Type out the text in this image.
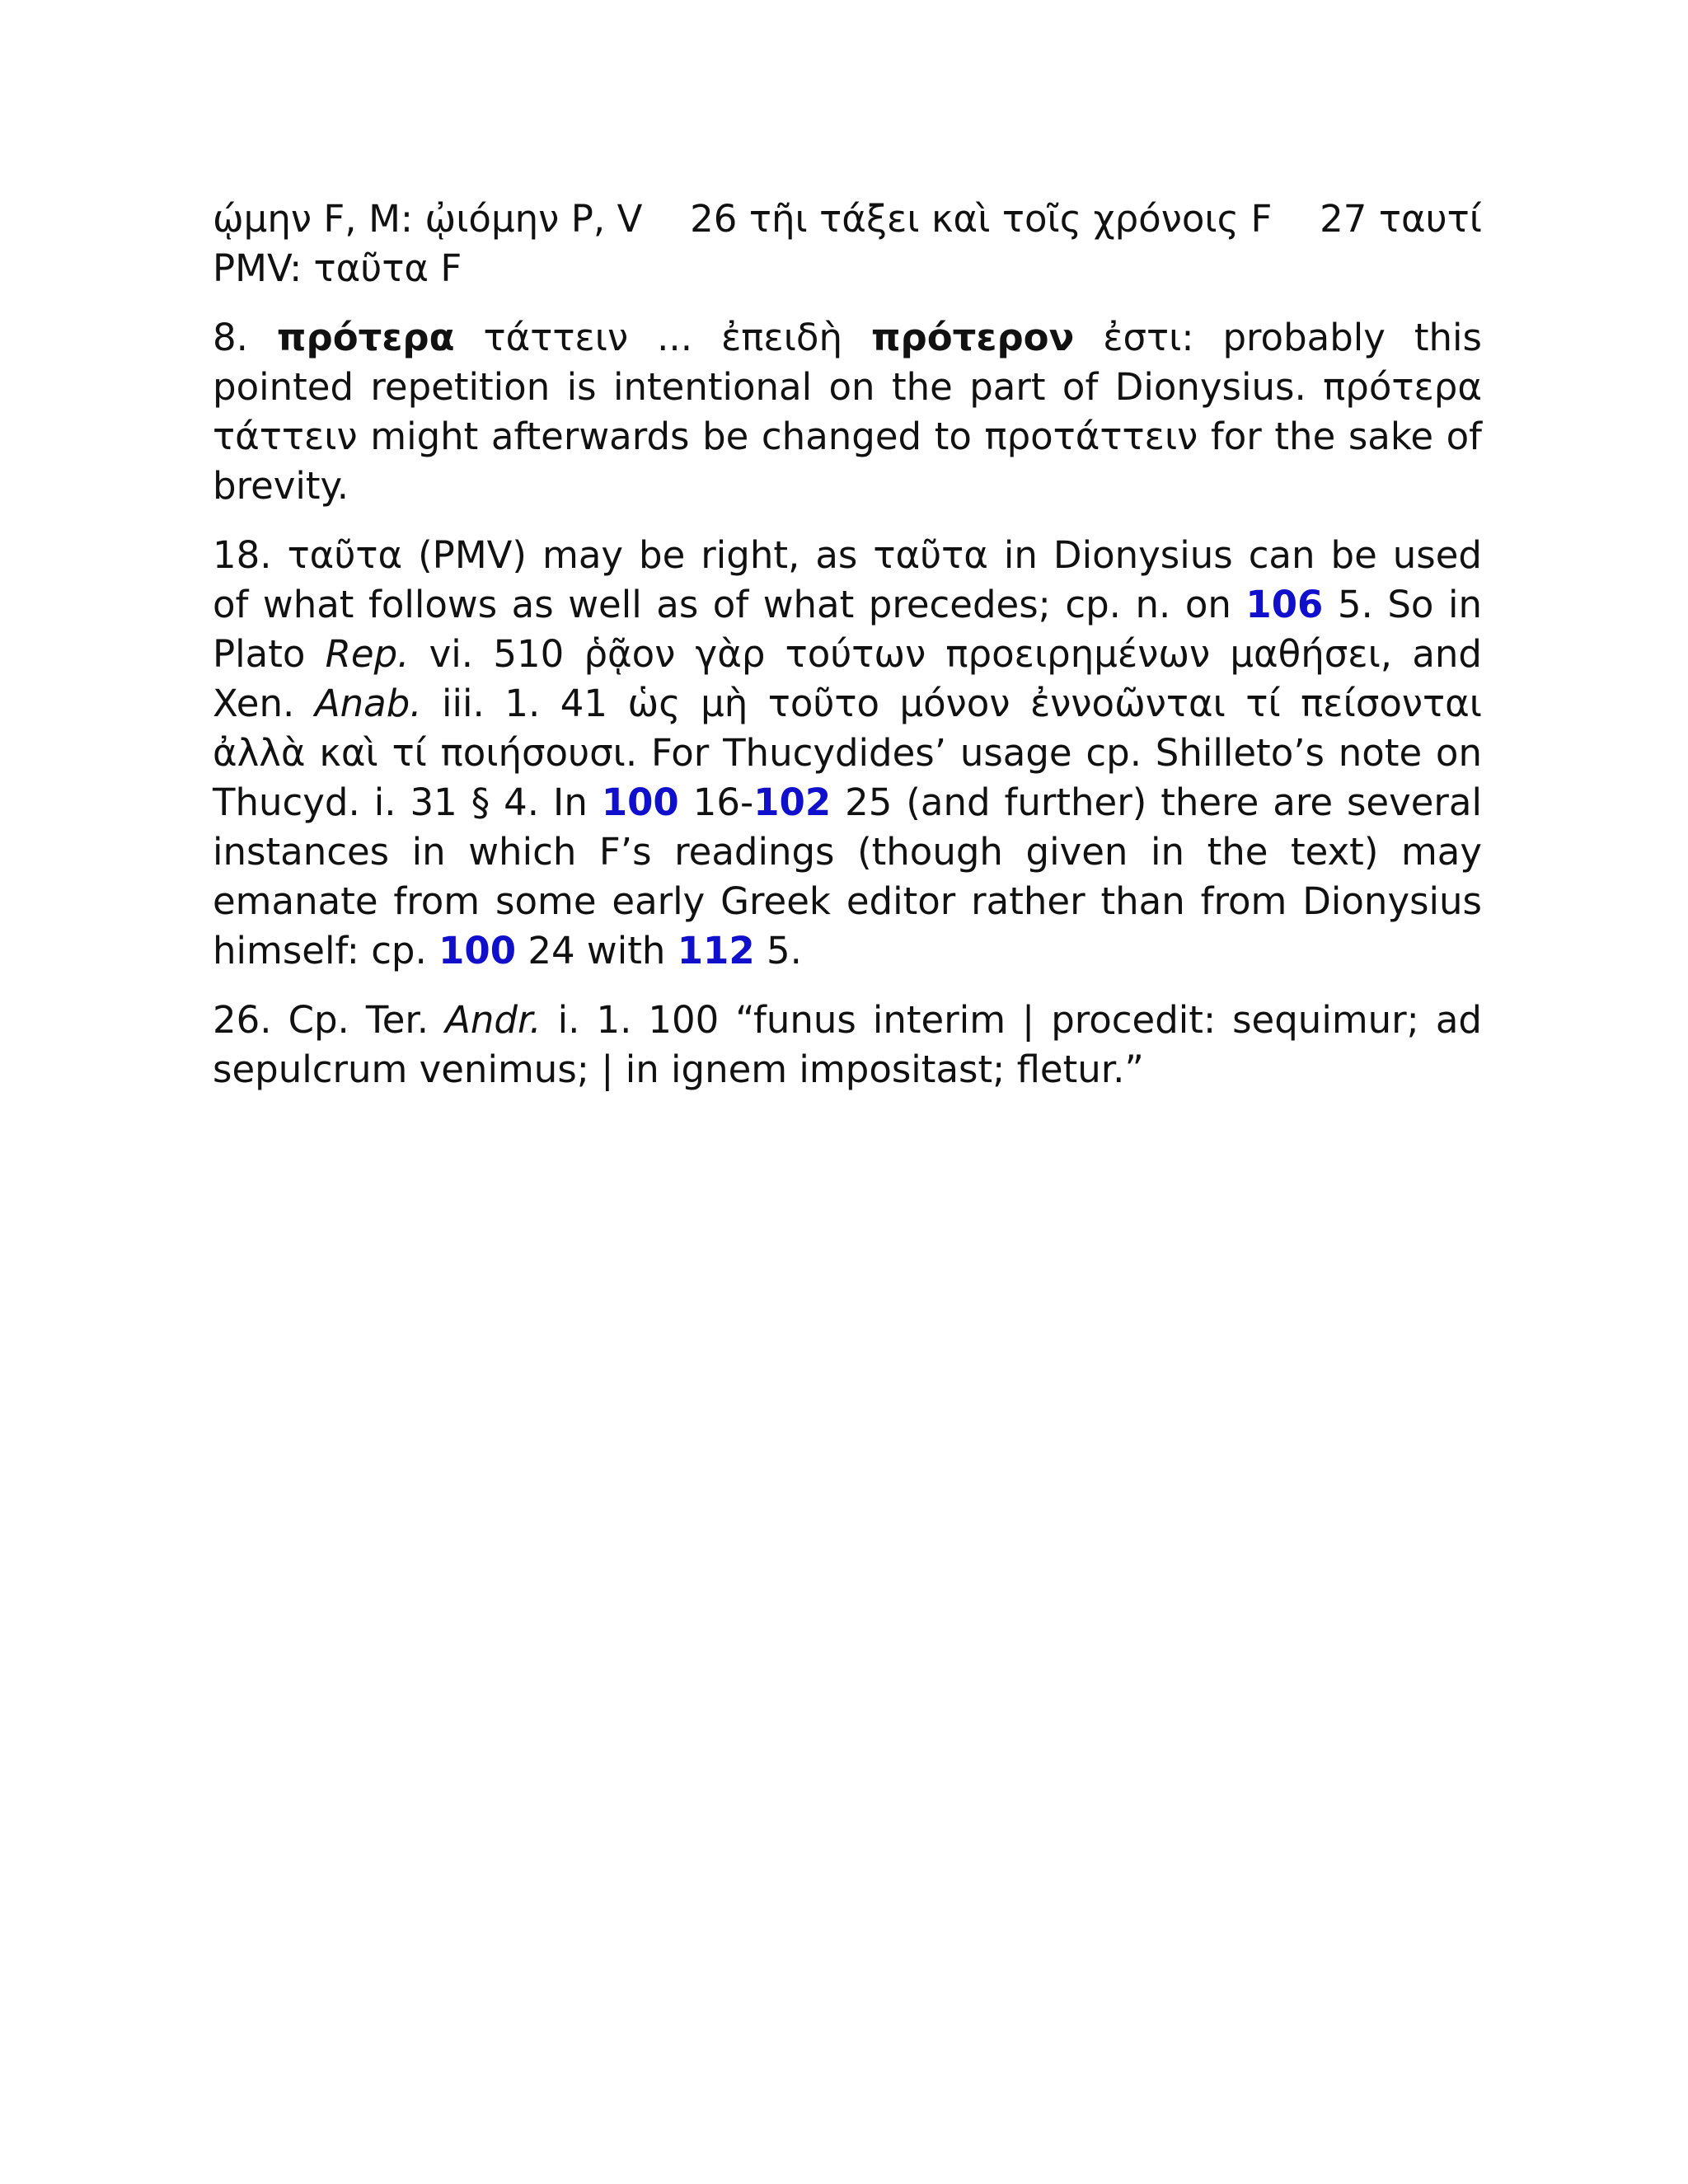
ῴμην F, M: ᾠιόμην P, V    26 τῆι τάξει καὶ τοῖς χρόνοις F    27 ταυτί PMV: ταῦτα F

8. πρότερα τάττειν ... ἐπειδὴ πρότερον ἐστι: probably this pointed repetition is intentional on the part of Dionysius. πρότερα τάττειν might afterwards be changed to προτάττειν for the sake of brevity.

18. ταῦτα (PMV) may be right, as ταῦτα in Dionysius can be used of what follows as well as of what precedes; cp. n. on 106 5. So in Plato Rep. vi. 510 ῥᾷον γὰρ τούτων προειρημένων μαθήσει, and Xen. Anab. iii. 1. 41 ὡς μὴ τοῦτο μόνον ἐννοῶνται τί πείσονται ἀλλὰ καὶ τί ποιήσουσι. For Thucydides’ usage cp. Shilleto’s note on Thucyd. i. 31 § 4. In 100 16-102 25 (and further) there are several instances in which F’s readings (though given in the text) may emanate from some early Greek editor rather than from Dionysius himself: cp. 100 24 with 112 5.

26. Cp. Ter. Andr. i. 1. 100 “funus interim | procedit: sequimur; ad sepulcrum venimus; | in ignem impositast; fletur.”
